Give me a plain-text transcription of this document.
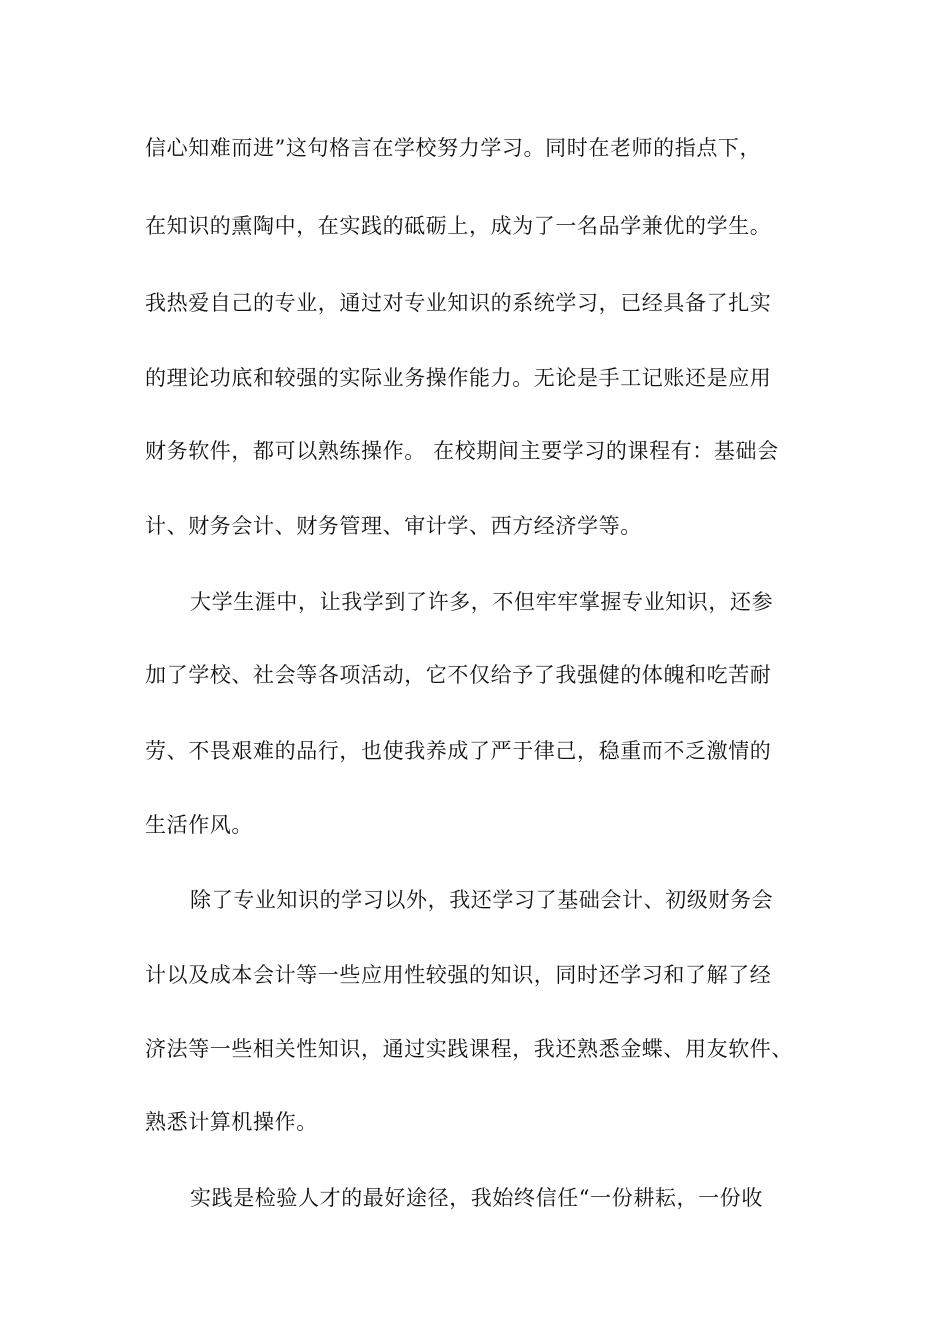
信心知难而进”这句格言在学校努力学习。同时在老师的指点下，
在知识的熏陶中，在实践的砥砺上，成为了一名品学兼优的学生。
我热爱自己的专业，通过对专业知识的系统学习，已经具备了扎实
的理论功底和较强的实际业务操作能力。无论是手工记账还是应用
财务软件，都可以熟练操作。 在校期间主要学习的课程有：基础会
计、财务会计、财务管理、审计学、西方经济学等。
大学生涯中，让我学到了许多，不但牢牢掌握专业知识，还参
加了学校、社会等各项活动，它不仅给予了我强健的体魄和吃苦耐
劳、不畏艰难的品行，也使我养成了严于律己，稳重而不乏激情的
生活作风。
除了专业知识的学习以外，我还学习了基础会计、初级财务会
计以及成本会计等一些应用性较强的知识，同时还学习和了解了经
济法等一些相关性知识，通过实践课程，我还熟悉金蝶、用友软件、
熟悉计算机操作。
实践是检验人才的最好途径，我始终信任“一份耕耘，一份收
